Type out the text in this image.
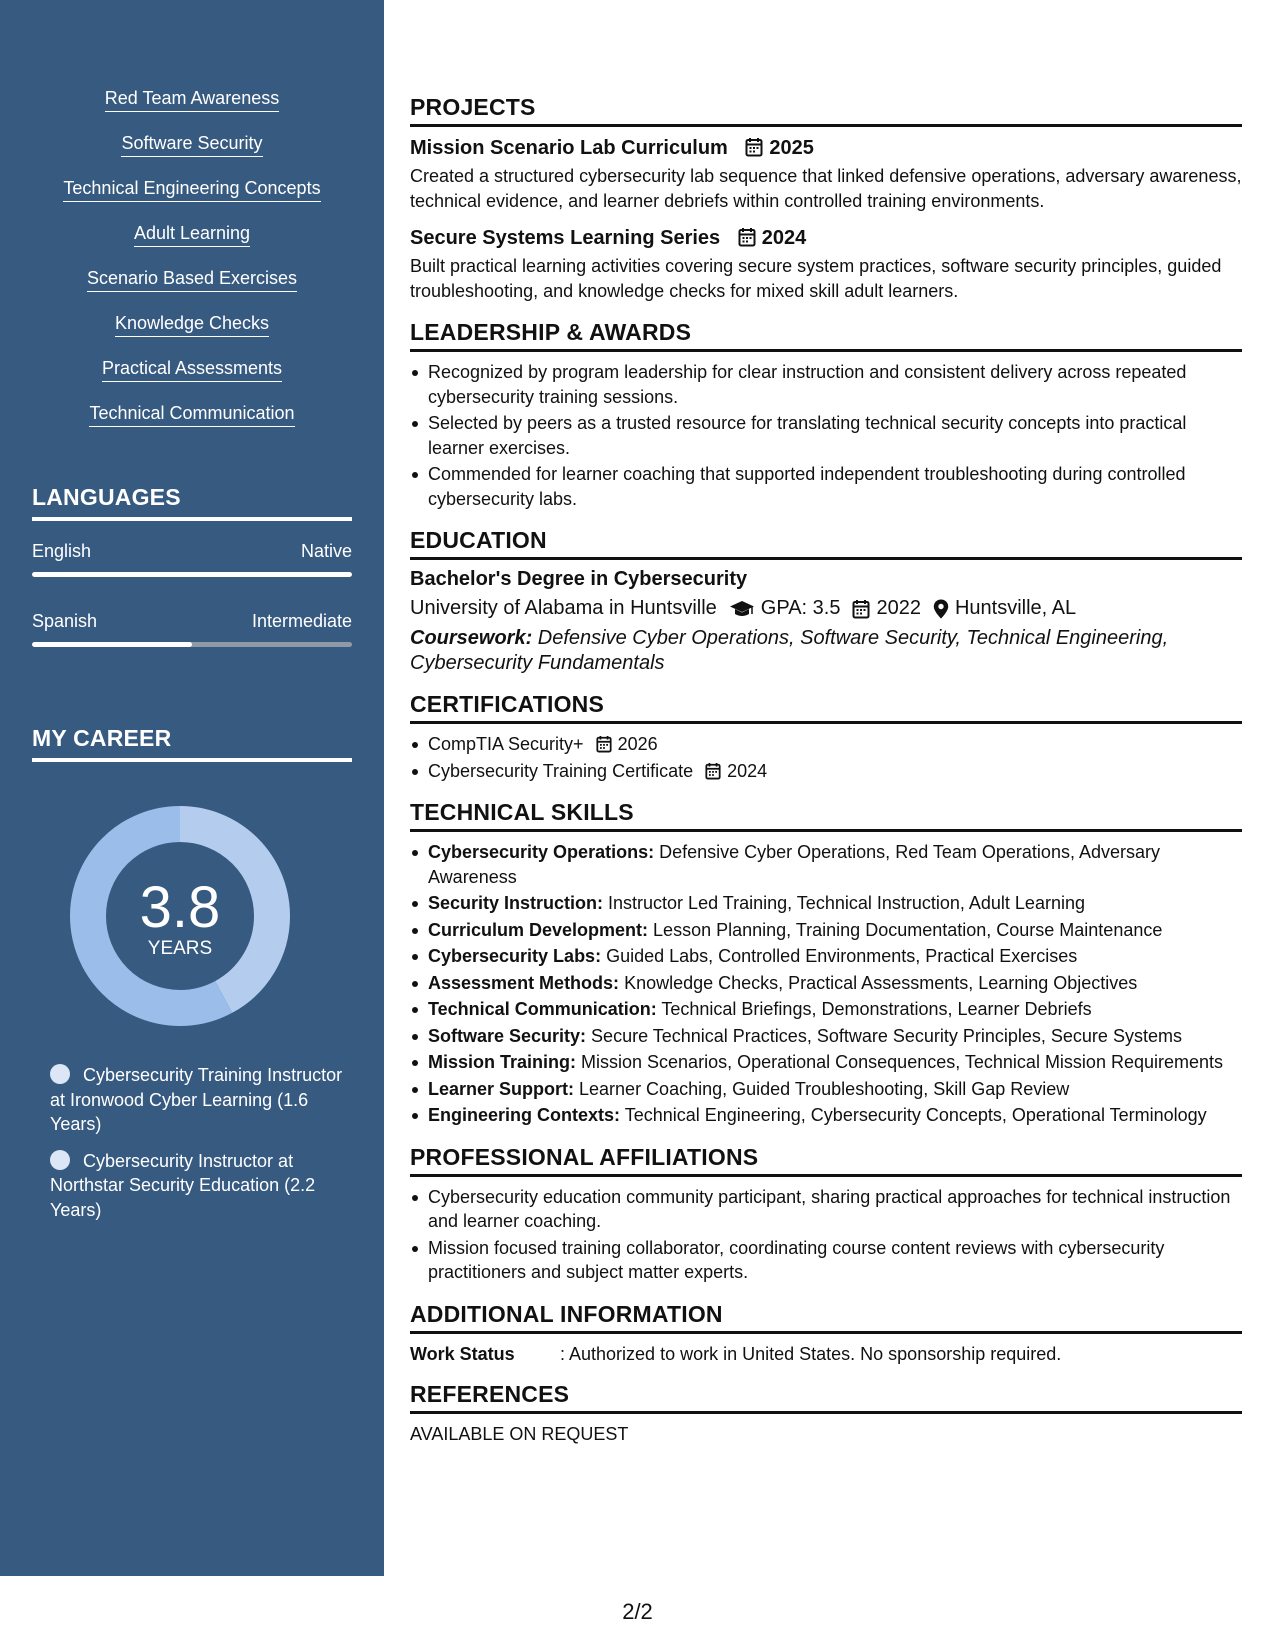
Red Team Awareness
Software Security
Technical Engineering Concepts
Adult Learning
Scenario Based Exercises
Knowledge Checks
Practical Assessments
Technical Communication
LANGUAGES
English	Native
Spanish	Intermediate
MY CAREER
3.8
YEARS
Cybersecurity Training Instructor at Ironwood Cyber Learning (1.6 Years)
Cybersecurity Instructor at Northstar Security Education (2.2 Years)
PROJECTS
Mission Scenario Lab Curriculum 2025
Created a structured cybersecurity lab sequence that linked defensive operations, adversary awareness, technical evidence, and learner debriefs within controlled training environments.
Secure Systems Learning Series 2024
Built practical learning activities covering secure system practices, software security principles, guided troubleshooting, and knowledge checks for mixed skill adult learners.
LEADERSHIP & AWARDS
Recognized by program leadership for clear instruction and consistent delivery across repeated cybersecurity training sessions.
Selected by peers as a trusted resource for translating technical security concepts into practical learner exercises.
Commended for learner coaching that supported independent troubleshooting during controlled cybersecurity labs.
EDUCATION
Bachelor's Degree in Cybersecurity
University of Alabama in Huntsville GPA: 3.5 2022 Huntsville, AL
Coursework: Defensive Cyber Operations, Software Security, Technical Engineering, Cybersecurity Fundamentals
CERTIFICATIONS
CompTIA Security+ 2026
Cybersecurity Training Certificate 2024
TECHNICAL SKILLS
Cybersecurity Operations: Defensive Cyber Operations, Red Team Operations, Adversary Awareness
Security Instruction: Instructor Led Training, Technical Instruction, Adult Learning
Curriculum Development: Lesson Planning, Training Documentation, Course Maintenance
Cybersecurity Labs: Guided Labs, Controlled Environments, Practical Exercises
Assessment Methods: Knowledge Checks, Practical Assessments, Learning Objectives
Technical Communication: Technical Briefings, Demonstrations, Learner Debriefs
Software Security: Secure Technical Practices, Software Security Principles, Secure Systems
Mission Training: Mission Scenarios, Operational Consequences, Technical Mission Requirements
Learner Support: Learner Coaching, Guided Troubleshooting, Skill Gap Review
Engineering Contexts: Technical Engineering, Cybersecurity Concepts, Operational Terminology
PROFESSIONAL AFFILIATIONS
Cybersecurity education community participant, sharing practical approaches for technical instruction and learner coaching.
Mission focused training collaborator, coordinating course content reviews with cybersecurity practitioners and subject matter experts.
ADDITIONAL INFORMATION
Work Status	: Authorized to work in United States. No sponsorship required.
REFERENCES
AVAILABLE ON REQUEST
2/2
